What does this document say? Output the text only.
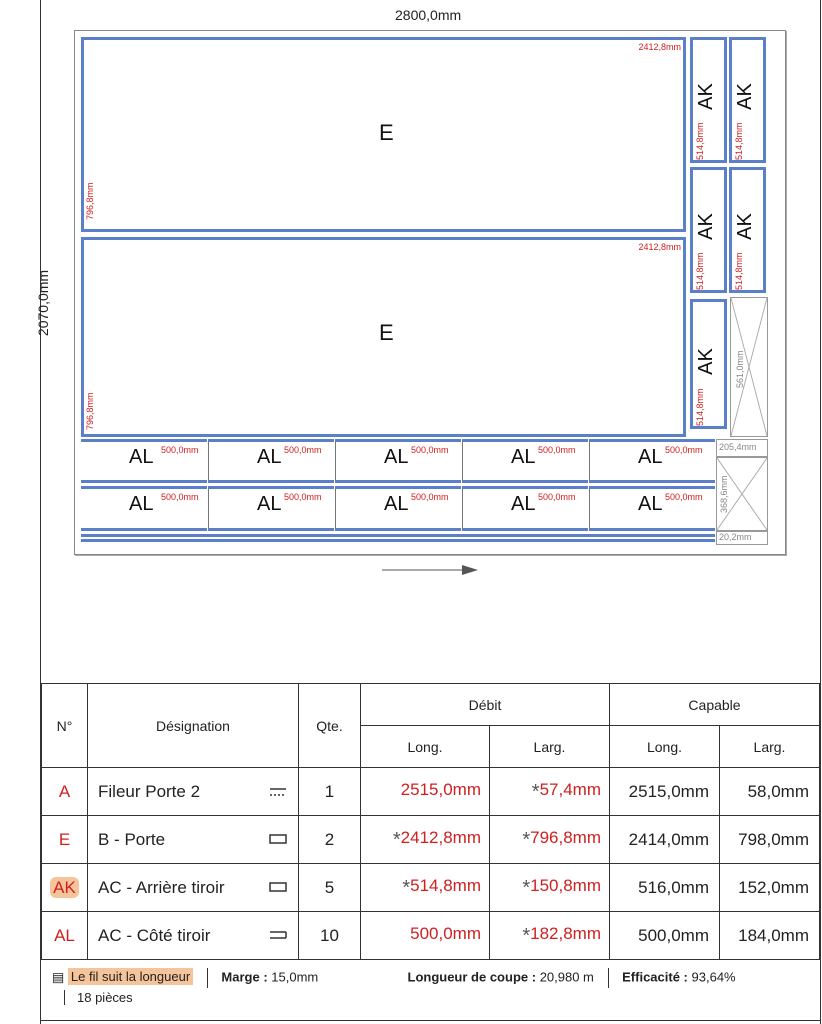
2800,0mm
2070,0mm
E
2412,8mm
796,8mm
E
2412,8mm
796,8mm
AK
514,8mm
AK
514,8mm
AK
514,8mm
AK
514,8mm
AK
514,8mm
561,0mm
AL 500,0mm	AL 500,0mm	AL 500,0mm	AL 500,0mm	AL 500,0mm
AL 500,0mm	AL 500,0mm	AL 500,0mm	AL 500,0mm	AL 500,0mm
205,4mm
368,6mm
20,2mm
N°	Désignation		Qte.	Débit		Capable	
				Long.	Larg.	Long.	Larg.
A	Fileur Porte 2		1	2515,0mm	*57,4mm	2515,0mm	58,0mm
E	B - Porte		2	*2412,8mm	*796,8mm	2414,0mm	798,0mm
AK	AC - Arrière tiroir		5	*514,8mm	*150,8mm	516,0mm	152,0mm
AL	AC - Côté tiroir		10	500,0mm	*182,8mm	500,0mm	184,0mm
▤ Le fil suit la longueur Marge : 15,0mm	Longueur de coupe : 20,980 m Efficacité : 93,64%
18 pièces
